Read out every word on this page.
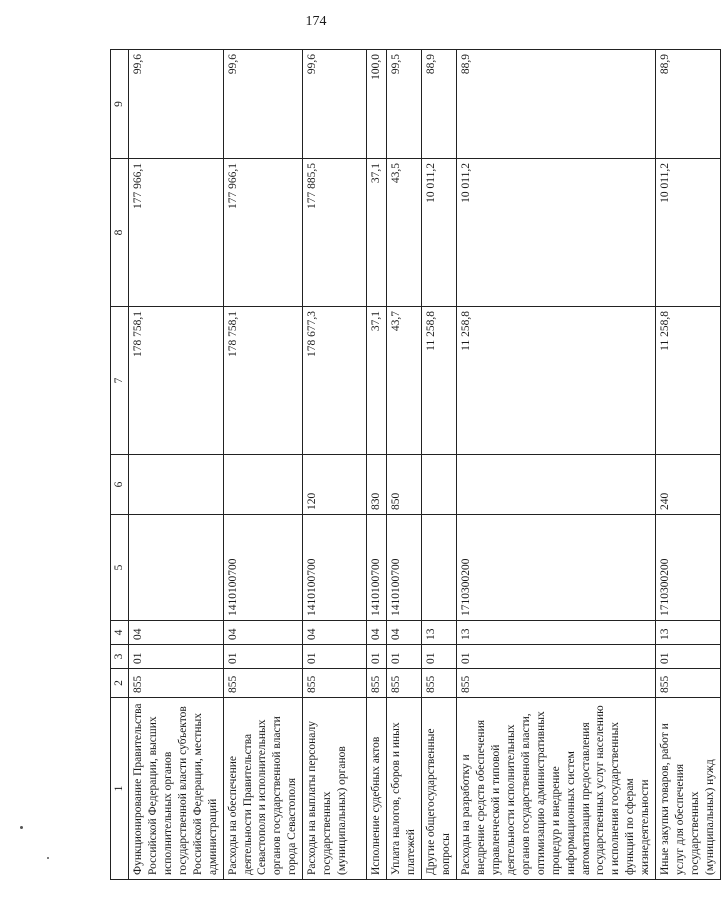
174
1	2	3	4	5	6	7	8	9
Функционирование Правительства Российской Федерации, высших исполнительных органов государственной власти субъектов Российской Федерации, местных администраций	855	01	04			178 758,1	177 966,1	99,6
Расходы на обеспечение деятельности Правительства Севастополя и исполнительных органов государственной власти города Севастополя	855	01	04	1410100700		178 758,1	177 966,1	99,6
Расходы на выплаты персоналу государственных (муниципальных) органов	855	01	04	1410100700	120	178 677,3	177 885,5	99,6
Исполнение судебных актов	855	01	04	1410100700	830	37,1	37,1	100,0
Уплата налогов, сборов и иных платежей	855	01	04	1410100700	850	43,7	43,5	99,5
Другие общегосударственные вопросы	855	01	13			11 258,8	10 011,2	88,9
Расходы на разработку и внедрение средств обеспечения управленческой и типовой деятельности исполнительных органов государственной власти, оптимизацию административных процедур и внедрение информационных систем автоматизации предоставления государственных услуг населению и исполнения государственных функций по сферам жизнедеятельности	855	01	13	1710300200		11 258,8	10 011,2	88,9
Иные закупки товаров, работ и услуг для обеспечения государственных (муниципальных) нужд	855	01	13	1710300200	240	11 258,8	10 011,2	88,9
